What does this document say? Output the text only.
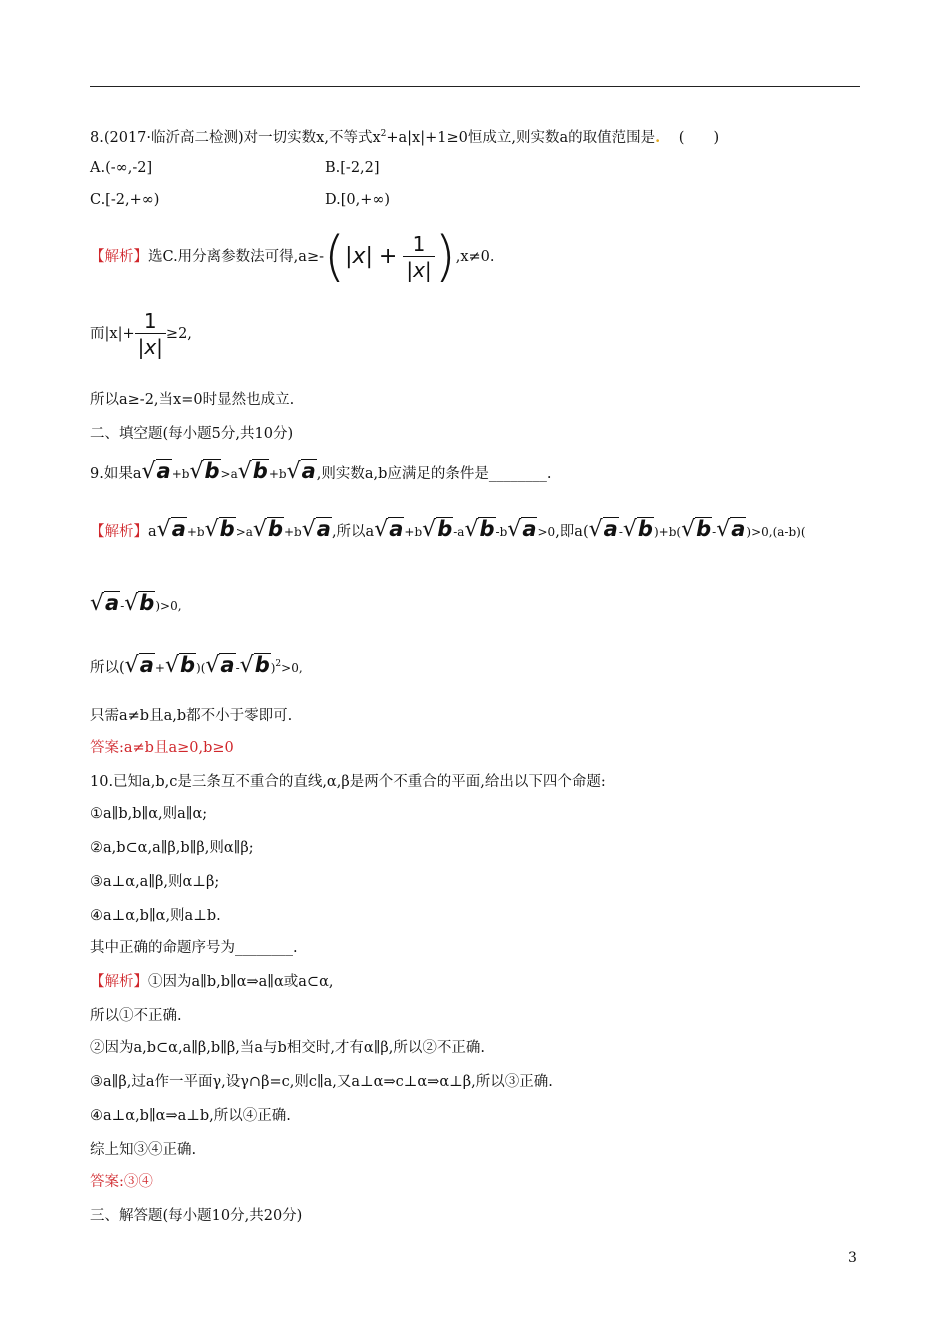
8.(2017·临沂高二检测)对一切实数x,不等式$x^2+a|x|+1\ge 0$恒成立,则实数a的取值范围是. (　　)
A.(-∞,-2]	B.[-2,2]
C.[-2,+∞)	D.[0,+∞)
【解析】选C.用分离参数法可得$,a\ge-(|x| + \frac{1}{|x|} ),x\ne 0$.
而$|x|+ \frac{1}{|x|} \ge 2$,
所以a≥-2,当x=0时显然也成立.
二、填空题(每小题5分,共10分)
9.如果a√a+b√b>a√b+b√a,则实数a,b应满足的条件是________.
【解析】a√a+b√b>a√b+b√a,所以a√a+b√b-a√b-b√a>0,即a(√a-√b)+b(√b-√a)>0,(a-b)(
√a-√b)>0,
所以$(√a+√b)(√a-√b)^2>0$,
只需a≠b且a,b都不小于零即可.
答案:a≠b且a≥0,b≥0
10.已知a,b,c是三条互不重合的直线,α,β是两个不重合的平面,给出以下四个命题:
①a∥b,b∥α,则a∥α;
②a,b⊂α,a∥β,b∥β,则α∥β;
③a⊥α,a∥β,则α⊥β;
④a⊥α,b∥α,则a⊥b.
其中正确的命题序号为________.
【解析】①因为a∥b,b∥α⇒a∥α或a⊂α,
所以①不正确.
②因为a,b⊂α,a∥β,b∥β,当a与b相交时,才有α∥β,所以②不正确.
③a∥β,过a作一平面γ,设γ∩β=c,则c∥a,又a⊥α⇒c⊥α⇒α⊥β,所以③正确.
④a⊥α,b∥α⇒a⊥b,所以④正确.
综上知③④正确.
答案:③④
三、解答题(每小题10分,共20分)
3
